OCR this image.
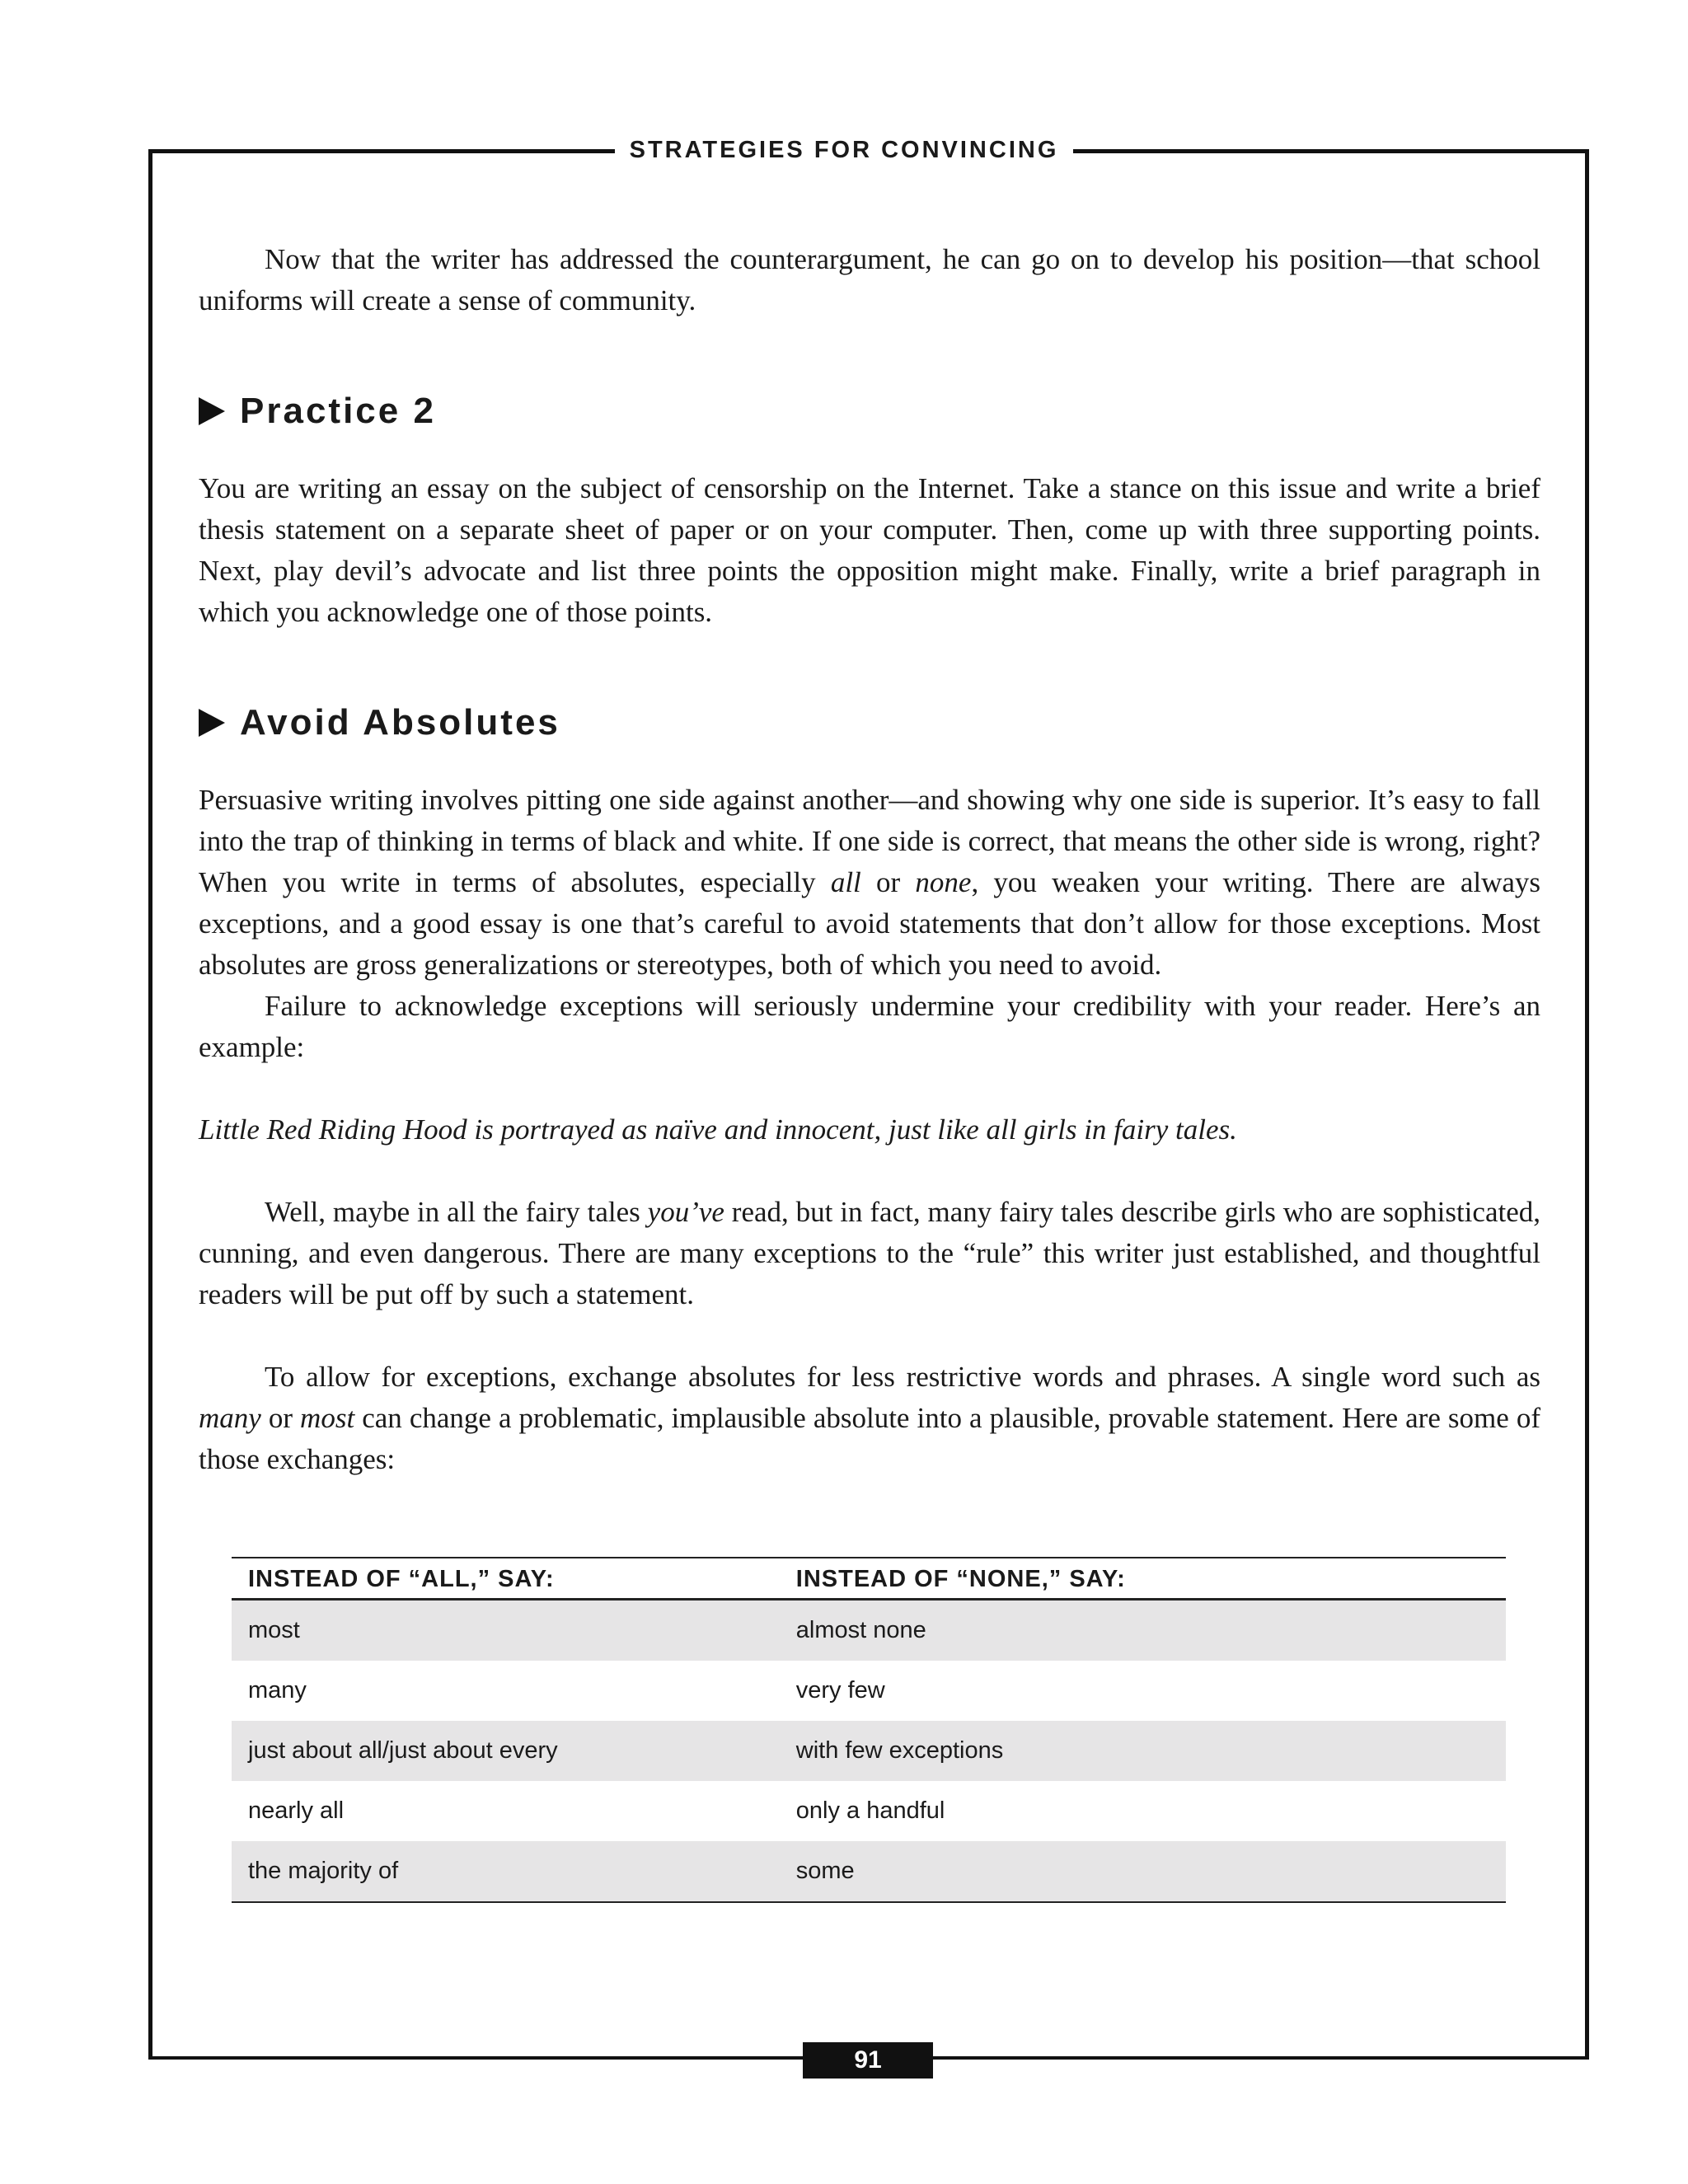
STRATEGIES FOR CONVINCING

Now that the writer has addressed the counterargument, he can go on to develop his position—that school uniforms will create a sense of community.

Practice 2

You are writing an essay on the subject of censorship on the Internet. Take a stance on this issue and write a brief thesis statement on a separate sheet of paper or on your computer. Then, come up with three supporting points. Next, play devil’s advocate and list three points the opposition might make. Finally, write a brief paragraph in which you acknowledge one of those points.

Avoid Absolutes

Persuasive writing involves pitting one side against another—and showing why one side is superior. It’s easy to fall into the trap of thinking in terms of black and white. If one side is correct, that means the other side is wrong, right? When you write in terms of absolutes, especially all or none, you weaken your writing. There are always exceptions, and a good essay is one that’s careful to avoid statements that don’t allow for those exceptions. Most absolutes are gross generalizations or stereotypes, both of which you need to avoid.

Failure to acknowledge exceptions will seriously undermine your credibility with your reader. Here’s an example:

Little Red Riding Hood is portrayed as naïve and innocent, just like all girls in fairy tales.

Well, maybe in all the fairy tales you’ve read, but in fact, many fairy tales describe girls who are sophisticated, cunning, and even dangerous. There are many exceptions to the “rule” this writer just established, and thoughtful readers will be put off by such a statement.

To allow for exceptions, exchange absolutes for less restrictive words and phrases. A single word such as many or most can change a problematic, implausible absolute into a plausible, provable statement. Here are some of those exchanges:

INSTEAD OF “ALL,” SAY:	INSTEAD OF “NONE,” SAY:
most	almost none
many	very few
just about all/just about every	with few exceptions
nearly all	only a handful
the majority of	some
91
